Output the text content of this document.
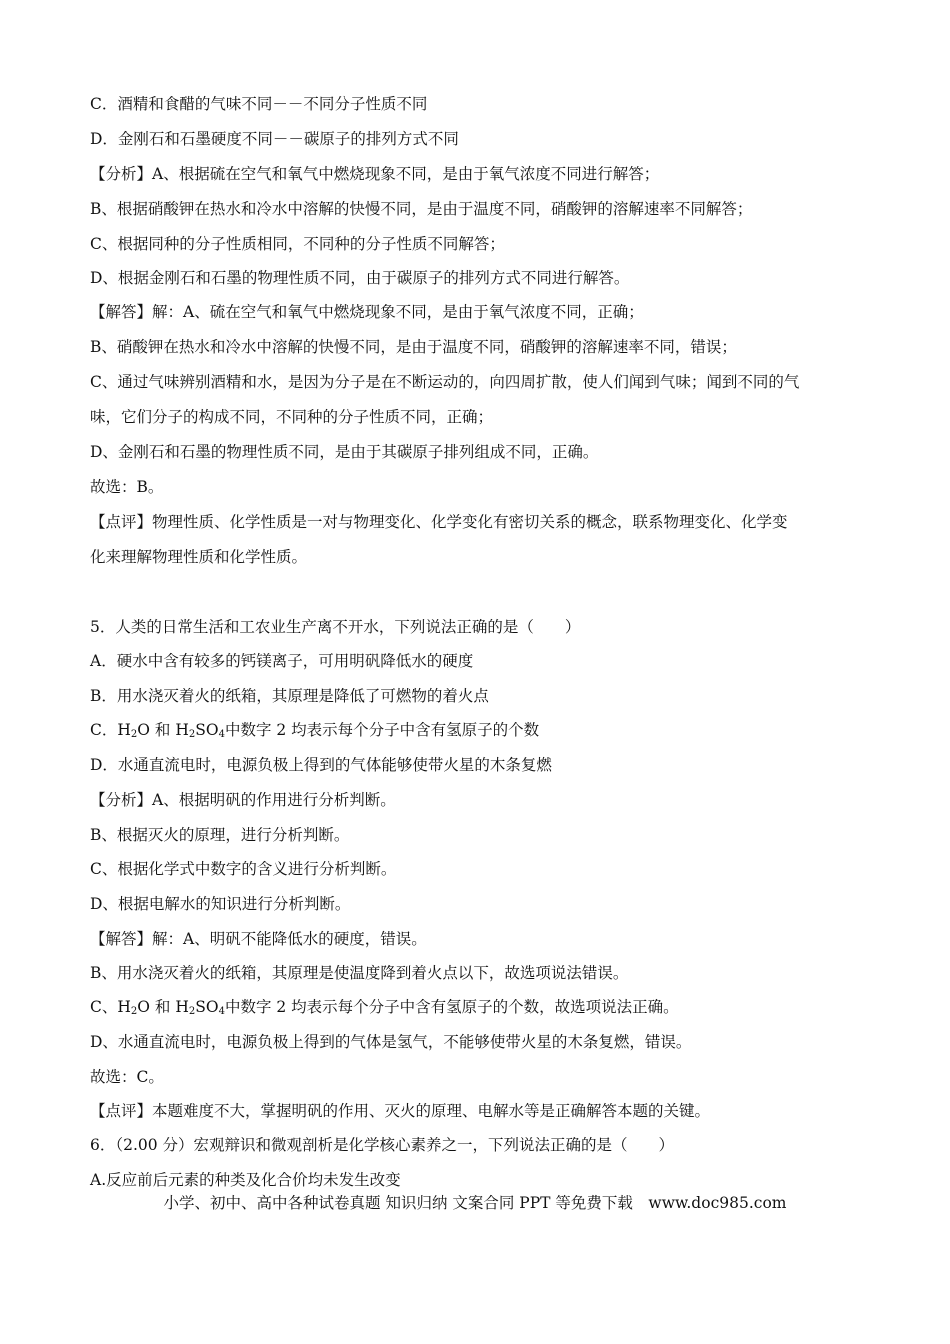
C．酒精和食醋的气味不同－－不同分子性质不同
D．金刚石和石墨硬度不同－－碳原子的排列方式不同
【分析】A、根据硫在空气和氧气中燃烧现象不同，是由于氧气浓度不同进行解答；
B、根据硝酸钾在热水和冷水中溶解的快慢不同，是由于温度不同，硝酸钾的溶解速率不同解答；
C、根据同种的分子性质相同，不同种的分子性质不同解答；
D、根据金刚石和石墨的物理性质不同，由于碳原子的排列方式不同进行解答。
【解答】解：A、硫在空气和氧气中燃烧现象不同，是由于氧气浓度不同，正确；
B、硝酸钾在热水和冷水中溶解的快慢不同，是由于温度不同，硝酸钾的溶解速率不同，错误；
C、通过气味辨别酒精和水，是因为分子是在不断运动的，向四周扩散，使人们闻到气味；闻到不同的气
味，它们分子的构成不同，不同种的分子性质不同，正确；
D、金刚石和石墨的物理性质不同，是由于其碳原子排列组成不同，正确。
故选：B。
【点评】物理性质、化学性质是一对与物理变化、化学变化有密切关系的概念，联系物理变化、化学变
化来理解物理性质和化学性质。
5．人类的日常生活和工农业生产离不开水，下列说法正确的是（　　）
A．硬水中含有较多的钙镁离子，可用明矾降低水的硬度
B．用水浇灭着火的纸箱，其原理是降低了可燃物的着火点
C．$H_2O$ 和 $H_2SO_4$中数字 2 均表示每个分子中含有氢原子的个数
D．水通直流电时，电源负极上得到的气体能够使带火星的木条复燃
【分析】A、根据明矾的作用进行分析判断。
B、根据灭火的原理，进行分析判断。
C、根据化学式中数字的含义进行分析判断。
D、根据电解水的知识进行分析判断。
【解答】解：A、明矾不能降低水的硬度，错误。
B、用水浇灭着火的纸箱，其原理是使温度降到着火点以下，故选项说法错误。
C、$H_2O$ 和 $H_2SO_4$中数字 2 均表示每个分子中含有氢原子的个数，故选项说法正确。
D、水通直流电时，电源负极上得到的气体是氢气，不能够使带火星的木条复燃，错误。
故选：C。
【点评】本题难度不大，掌握明矾的作用、灭火的原理、电解水等是正确解答本题的关键。
6．（2.00 分）宏观辩识和微观剖析是化学核心素养之一，下列说法正确的是（　　）
A.反应前后元素的种类及化合价均未发生改变
小学、初中、高中各种试卷真题 知识归纳 文案合同 PPT 等免费下载　www.doc985.com
